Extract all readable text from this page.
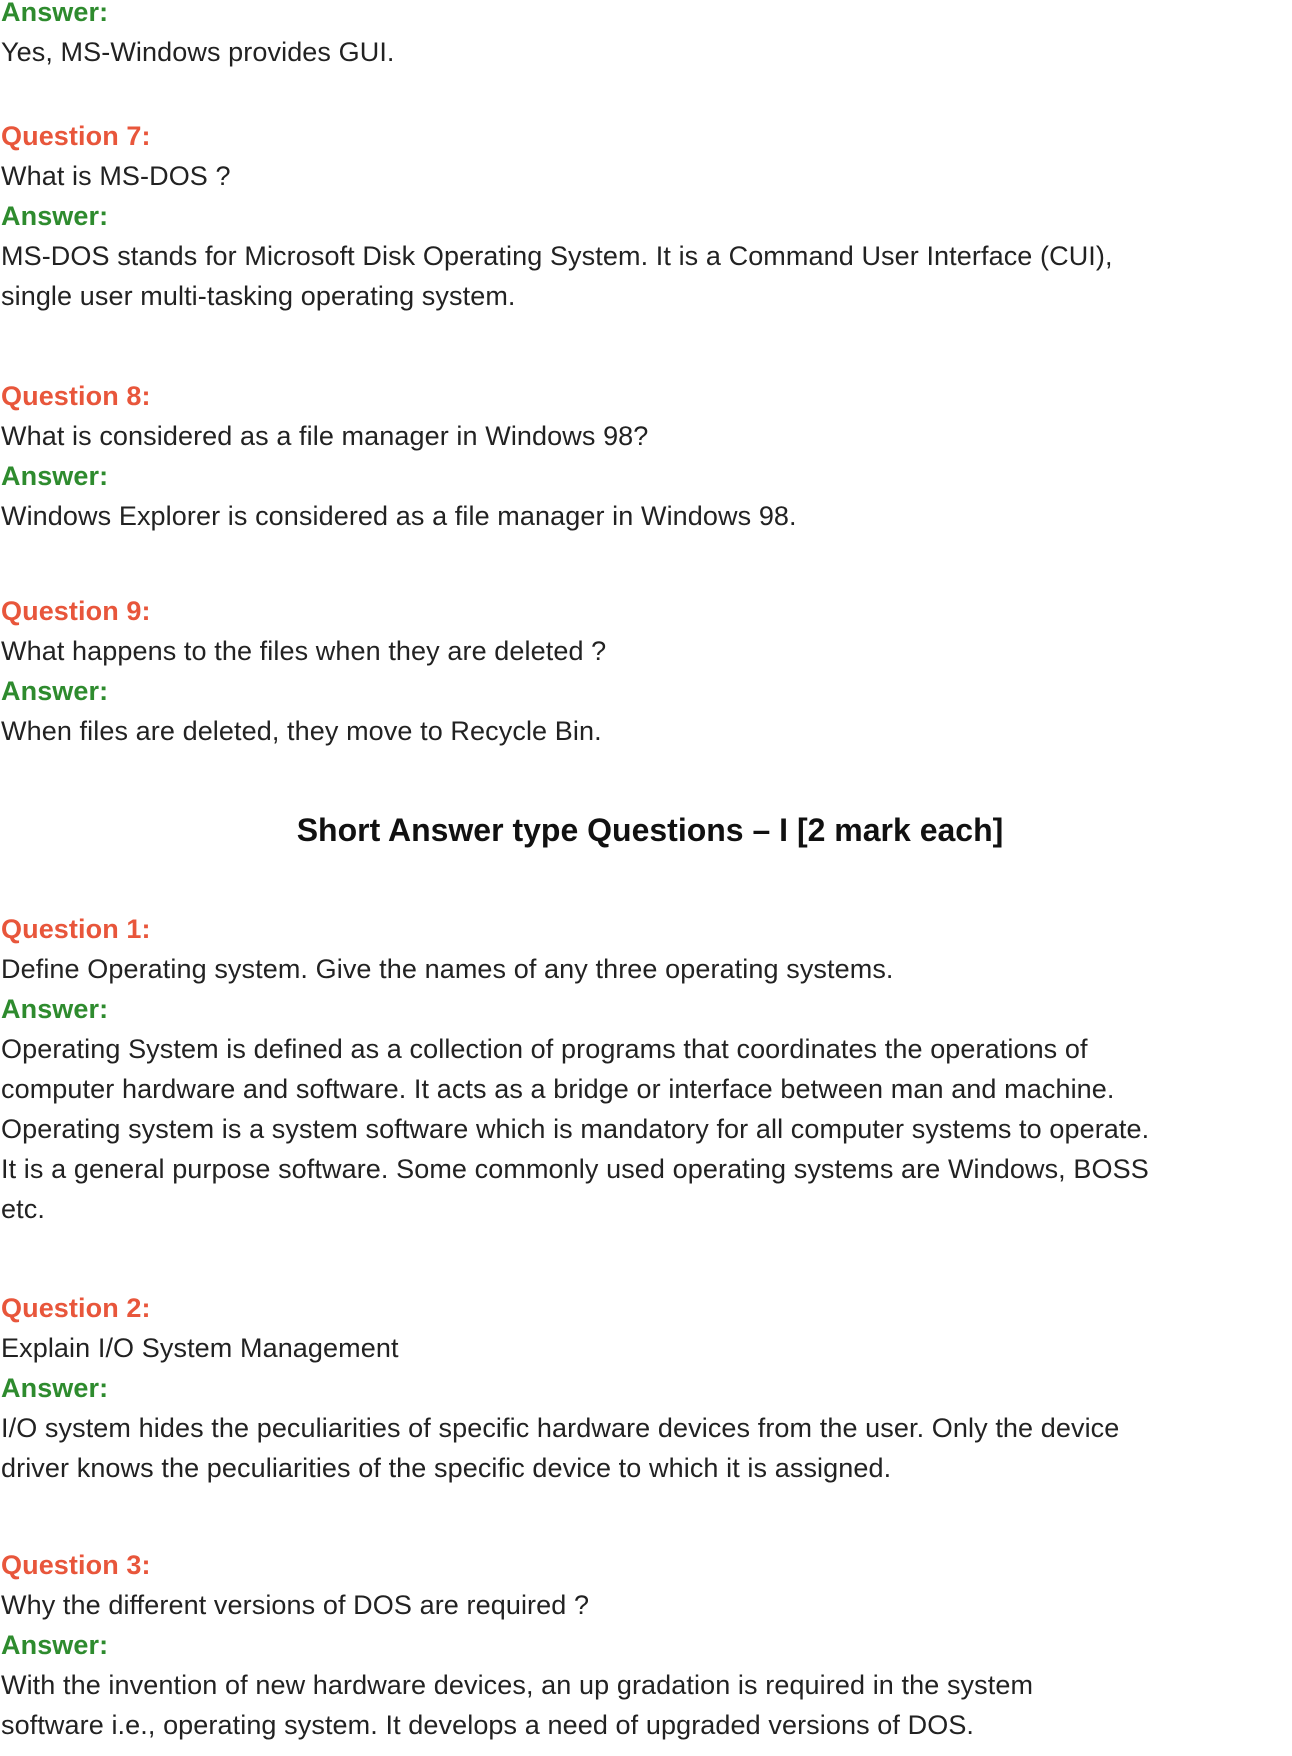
Answer:
Yes, MS-Windows provides GUI.
Question 7:
What is MS-DOS ?
Answer:
MS-DOS stands for Microsoft Disk Operating System. It is a Command User Interface (CUI),
single user multi-tasking operating system.
Question 8:
What is considered as a file manager in Windows 98?
Answer:
Windows Explorer is considered as a file manager in Windows 98.
Question 9:
What happens to the files when they are deleted ?
Answer:
When files are deleted, they move to Recycle Bin.
Short Answer type Questions – I [2 mark each]
Question 1:
Define Operating system. Give the names of any three operating systems.
Answer:
Operating System is defined as a collection of programs that coordinates the operations of
computer hardware and software. It acts as a bridge or interface between man and machine.
Operating system is a system software which is mandatory for all computer systems to operate.
It is a general purpose software. Some commonly used operating systems are Windows, BOSS
etc.
Question 2:
Explain I/O System Management
Answer:
I/O system hides the peculiarities of specific hardware devices from the user. Only the device
driver knows the peculiarities of the specific device to which it is assigned.
Question 3:
Why the different versions of DOS are required ?
Answer:
With the invention of new hardware devices, an up gradation is required in the system
software i.e., operating system. It develops a need of upgraded versions of DOS.
